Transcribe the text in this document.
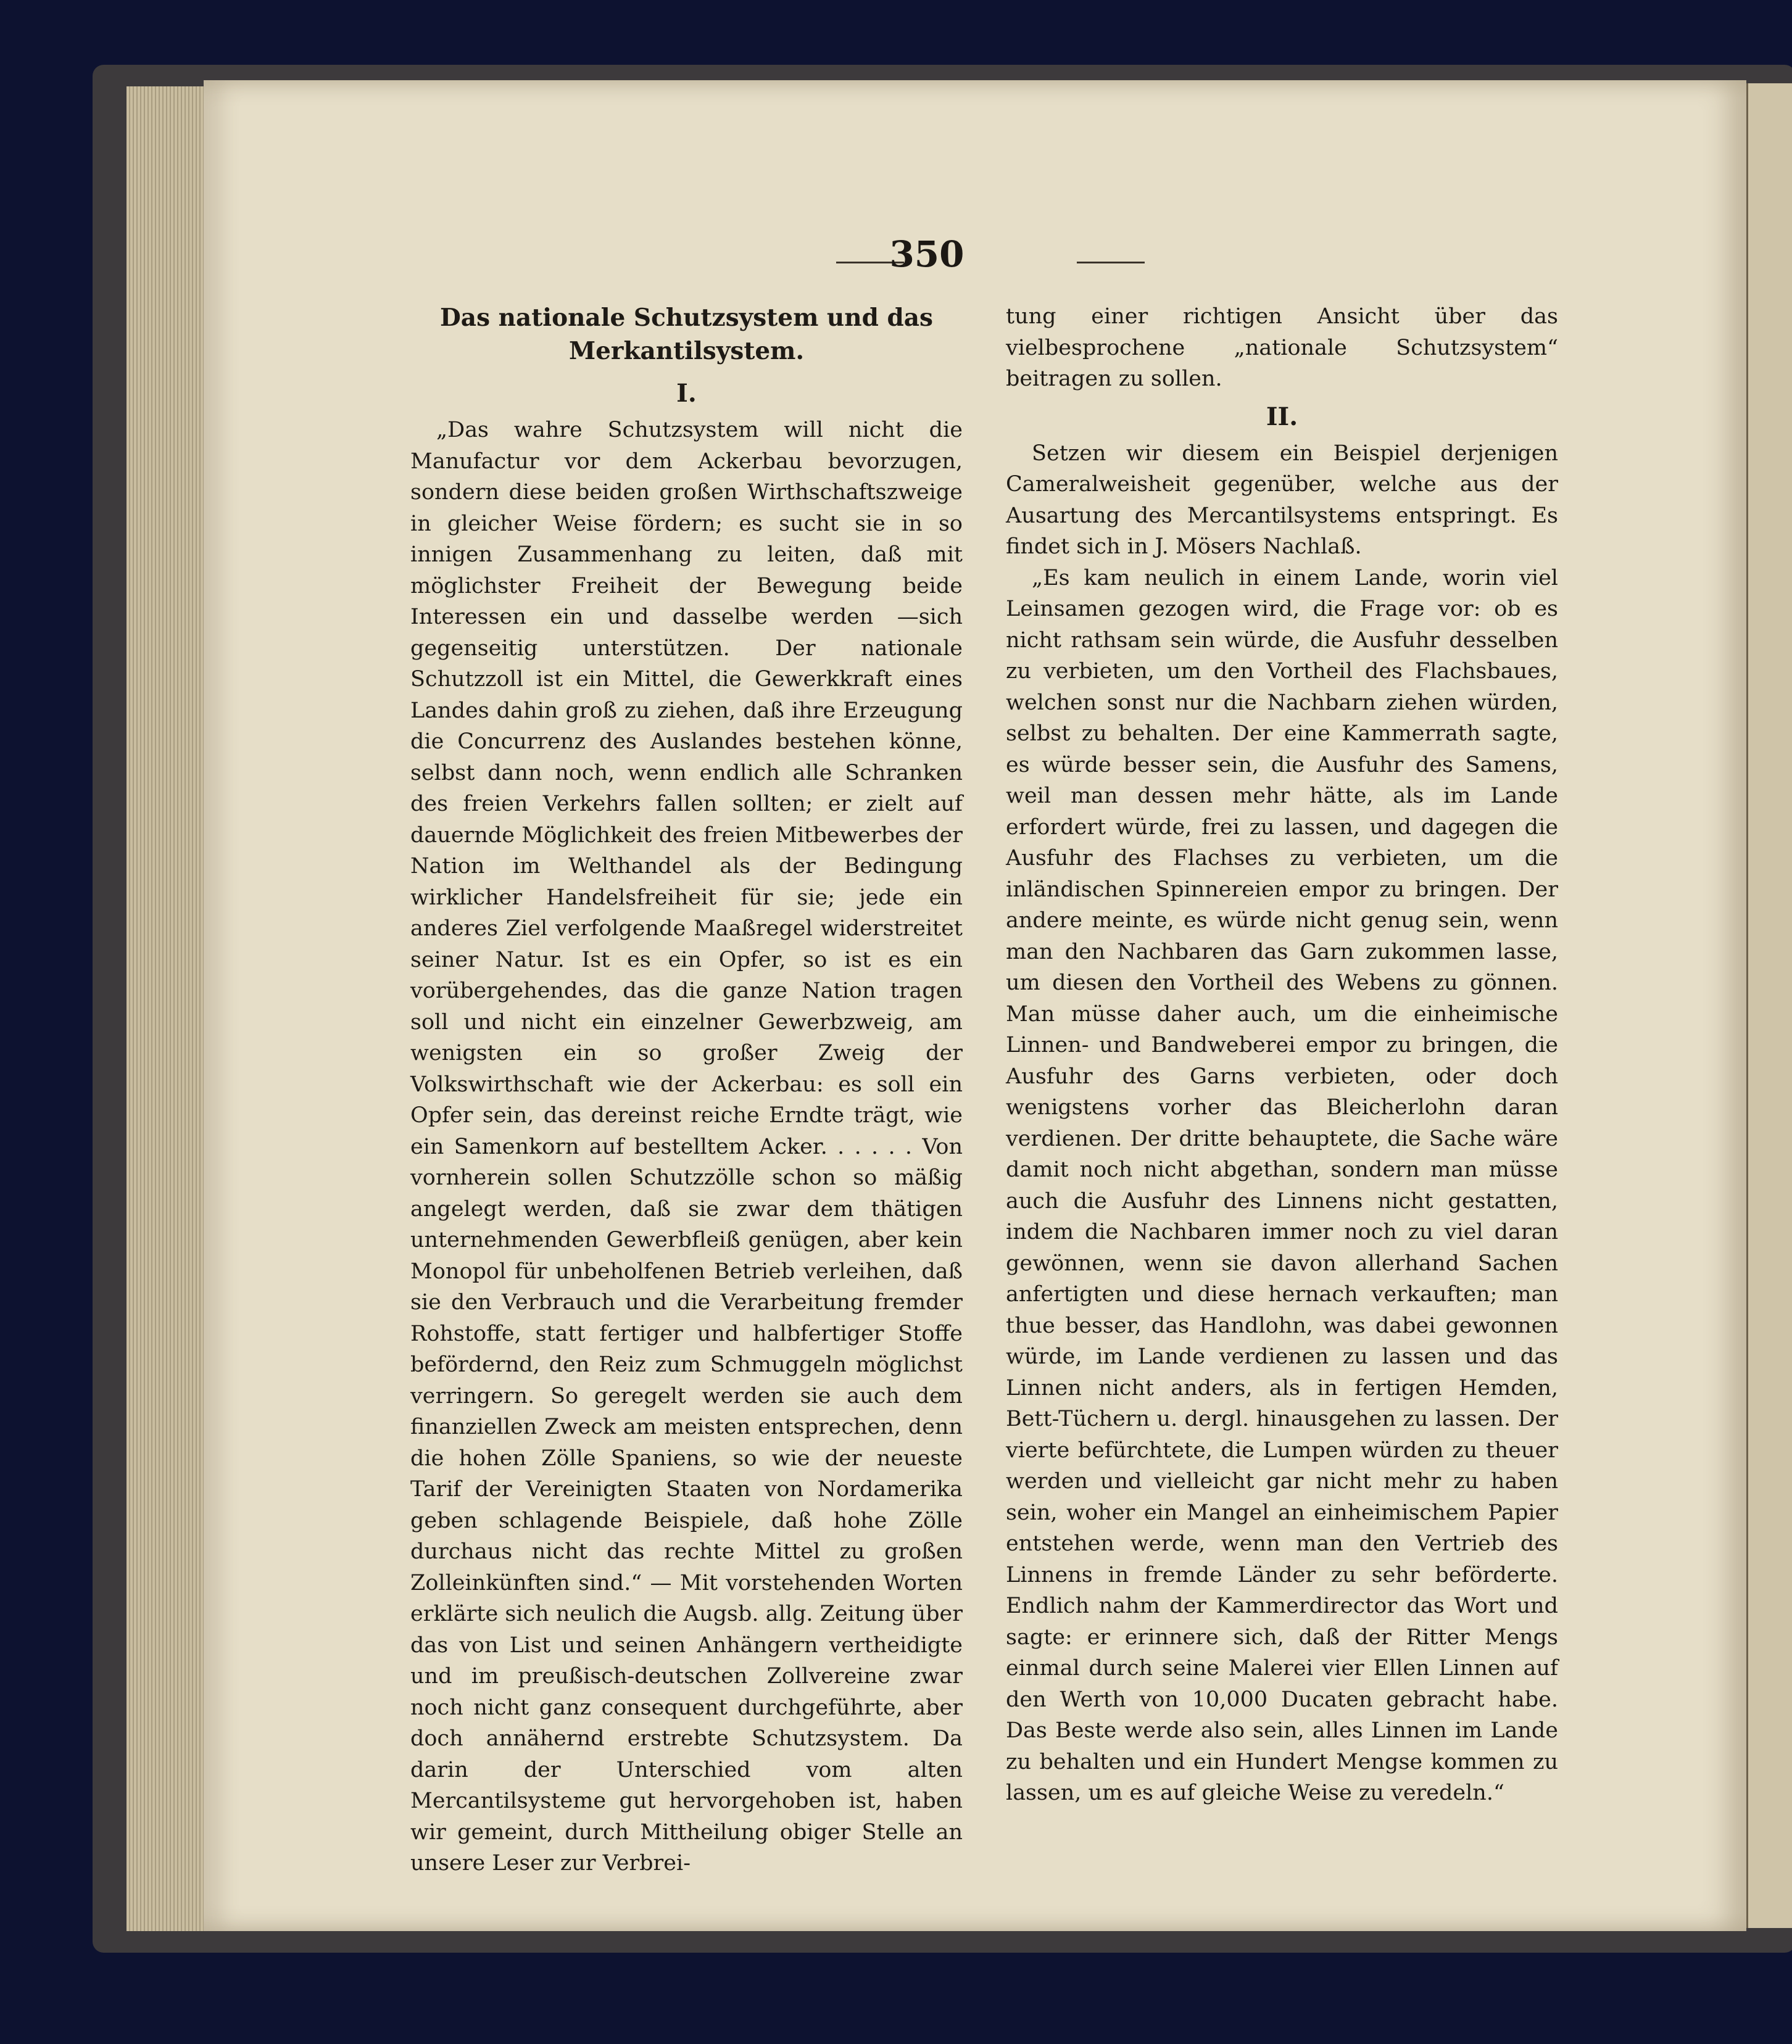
350
Das nationale Schutzsystem und das Merkantilsystem.
I.

„Das wahre Schutzsystem will nicht die Manufactur vor dem Ackerbau bevorzugen, sondern diese beiden großen Wirthschaftszweige in gleicher Weise fördern; es sucht sie in so innigen Zusammenhang zu leiten, daß mit möglichster Freiheit der Bewegung beide Interessen ein und dasselbe werden —sich gegenseitig unterstützen. Der nationale Schutzzoll ist ein Mittel, die Gewerkkraft eines Landes dahin groß zu ziehen, daß ihre Erzeugung die Concurrenz des Auslandes bestehen könne, selbst dann noch, wenn endlich alle Schranken des freien Verkehrs fallen sollten; er zielt auf dauernde Möglichkeit des freien Mitbewerbes der Nation im Welthandel als der Bedingung wirklicher Handelsfreiheit für sie; jede ein anderes Ziel verfolgende Maaßregel widerstreitet seiner Natur. Ist es ein Opfer, so ist es ein vorübergehendes, das die ganze Nation tragen soll und nicht ein einzelner Gewerbzweig, am wenigsten ein so großer Zweig der Volkswirthschaft wie der Ackerbau: es soll ein Opfer sein, das dereinst reiche Erndte trägt, wie ein Samenkorn auf bestelltem Acker. . . . . . Von vornherein sollen Schutzzölle schon so mäßig angelegt werden, daß sie zwar dem thätigen unternehmenden Gewerbfleiß genügen, aber kein Monopol für unbeholfenen Betrieb verleihen, daß sie den Verbrauch und die Verarbeitung fremder Rohstoffe, statt fertiger und halbfertiger Stoffe befördernd, den Reiz zum Schmuggeln möglichst verringern. So geregelt werden sie auch dem finanziellen Zweck am meisten entsprechen, denn die hohen Zölle Spaniens, so wie der neueste Tarif der Vereinigten Staaten von Nordamerika geben schlagende Beispiele, daß hohe Zölle durchaus nicht das rechte Mittel zu großen Zolleinkünften sind.“ — Mit vorstehenden Worten erklärte sich neulich die Augsb. allg. Zeitung über das von List und seinen Anhängern vertheidigte und im preußisch-deutschen Zollvereine zwar noch nicht ganz consequent durchgeführte, aber doch annähernd erstrebte Schutzsystem. Da darin der Unterschied vom alten Mercantilsysteme gut hervorgehoben ist, haben wir gemeint, durch Mittheilung obiger Stelle an unsere Leser zur Verbrei-

tung einer richtigen Ansicht über das vielbesprochene „nationale Schutzsystem“ beitragen zu sollen.

II.

Setzen wir diesem ein Beispiel derjenigen Cameralweisheit gegenüber, welche aus der Ausartung des Mercantilsystems entspringt. Es findet sich in J. Mösers Nachlaß.

„Es kam neulich in einem Lande, worin viel Leinsamen gezogen wird, die Frage vor: ob es nicht rathsam sein würde, die Ausfuhr desselben zu verbieten, um den Vortheil des Flachsbaues, welchen sonst nur die Nachbarn ziehen würden, selbst zu behalten. Der eine Kammerrath sagte, es würde besser sein, die Ausfuhr des Samens, weil man dessen mehr hätte, als im Lande erfordert würde, frei zu lassen, und dagegen die Ausfuhr des Flachses zu verbieten, um die inländischen Spinnereien empor zu bringen. Der andere meinte, es würde nicht genug sein, wenn man den Nachbaren das Garn zukommen lasse, um diesen den Vortheil des Webens zu gönnen. Man müsse daher auch, um die einheimische Linnen- und Bandweberei empor zu bringen, die Ausfuhr des Garns verbieten, oder doch wenigstens vorher das Bleicherlohn daran verdienen. Der dritte behauptete, die Sache wäre damit noch nicht abgethan, sondern man müsse auch die Ausfuhr des Linnens nicht gestatten, indem die Nachbaren immer noch zu viel daran gewönnen, wenn sie davon allerhand Sachen anfertigten und diese hernach verkauften; man thue besser, das Handlohn, was dabei gewonnen würde, im Lande verdienen zu lassen und das Linnen nicht anders, als in fertigen Hemden, Bett-Tüchern u. dergl. hinausgehen zu lassen. Der vierte befürchtete, die Lumpen würden zu theuer werden und vielleicht gar nicht mehr zu haben sein, woher ein Mangel an einheimischem Papier entstehen werde, wenn man den Vertrieb des Linnens in fremde Länder zu sehr beförderte. Endlich nahm der Kammerdirector das Wort und sagte: er erinnere sich, daß der Ritter Mengs einmal durch seine Malerei vier Ellen Linnen auf den Werth von 10,000 Ducaten gebracht habe. Das Beste werde also sein, alles Linnen im Lande zu behalten und ein Hundert Mengse kommen zu lassen, um es auf gleiche Weise zu veredeln.“
